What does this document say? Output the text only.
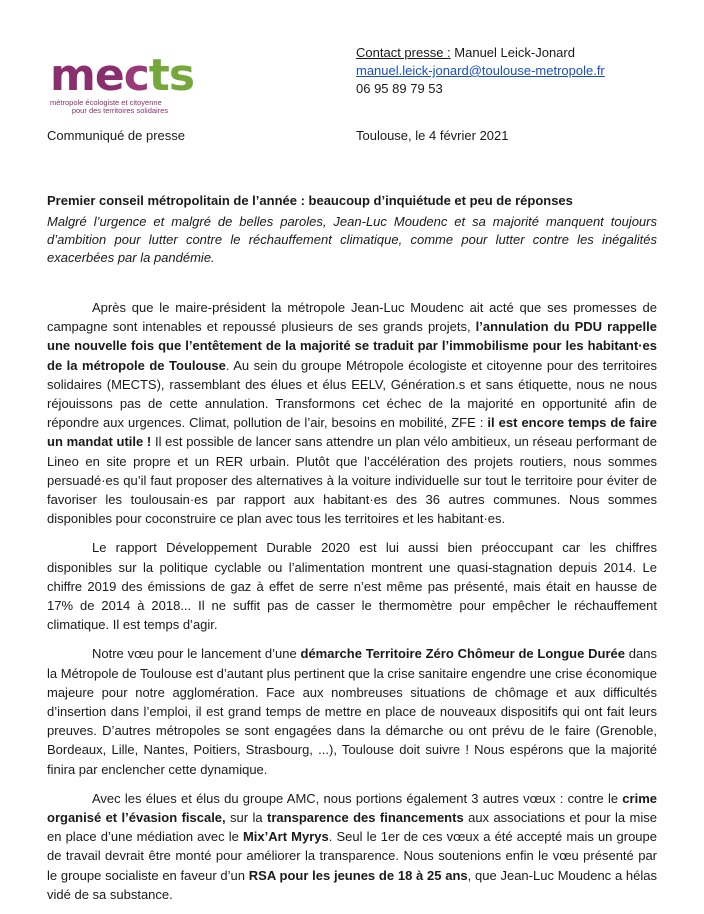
mects
métropole écologiste et citoyenne
pour des territoires solidaires
Contact presse : Manuel Leick-Jonard
manuel.leick-jonard@toulouse-metropole.fr
06 95 89 79 53
Communiqué de presse	Toulouse, le 4 février 2021
Premier conseil métropolitain de l’année : beaucoup d’inquiétude et peu de réponses
Malgré l’urgence et malgré de belles paroles, Jean-Luc Moudenc et sa majorité manquent toujours d’ambition pour lutter contre le réchauffement climatique, comme pour lutter contre les inégalités exacerbées par la pandémie.

Après que le maire-président la métropole Jean-Luc Moudenc ait acté que ses promesses de campagne sont intenables et repoussé plusieurs de ses grands projets, l’annulation du PDU rappelle une nouvelle fois que l’entêtement de la majorité se traduit par l’immobilisme pour les habitant·es de la métropole de Toulouse. Au sein du groupe Métropole écologiste et citoyenne pour des territoires solidaires (MECTS), rassemblant des élues et élus EELV, Génération.s et sans étiquette, nous ne nous réjouissons pas de cette annulation. Transformons cet échec de la majorité en opportunité afin de répondre aux urgences. Climat, pollution de l’air, besoins en mobilité, ZFE : il est encore temps de faire un mandat utile ! Il est possible de lancer sans attendre un plan vélo ambitieux, un réseau performant de Lineo en site propre et un RER urbain. Plutôt que l’accélération des projets routiers, nous sommes persuadé·es qu’il faut proposer des alternatives à la voiture individuelle sur tout le territoire pour éviter de favoriser les toulousain·es par rapport aux habitant·es des 36 autres communes. Nous sommes disponibles pour coconstruire ce plan avec tous les territoires et les habitant·es.

Le rapport Développement Durable 2020 est lui aussi bien préoccupant car les chiffres disponibles sur la politique cyclable ou l’alimentation montrent une quasi-stagnation depuis 2014. Le chiffre 2019 des émissions de gaz à effet de serre n’est même pas présenté, mais était en hausse de 17% de 2014 à 2018... Il ne suffit pas de casser le thermomètre pour empêcher le réchauffement climatique. Il est temps d’agir.

Notre vœu pour le lancement d’une démarche Territoire Zéro Chômeur de Longue Durée dans la Métropole de Toulouse est d’autant plus pertinent que la crise sanitaire engendre une crise économique majeure pour notre agglomération. Face aux nombreuses situations de chômage et aux difficultés d’insertion dans l’emploi, il est grand temps de mettre en place de nouveaux dispositifs qui ont fait leurs preuves. D’autres métropoles se sont engagées dans la démarche ou ont prévu de le faire (Grenoble, Bordeaux, Lille, Nantes, Poitiers, Strasbourg, ...), Toulouse doit suivre ! Nous espérons que la majorité finira par enclencher cette dynamique.

Avec les élues et élus du groupe AMC, nous portions également 3 autres vœux : contre le crime organisé et l’évasion fiscale, sur la transparence des financements aux associations et pour la mise en place d’une médiation avec le Mix’Art Myrys. Seul le 1er de ces vœux a été accepté mais un groupe de travail devrait être monté pour améliorer la transparence. Nous soutenions enfin le vœu présenté par le groupe socialiste en faveur d’un RSA pour les jeunes de 18 à 25 ans, que Jean-Luc Moudenc a hélas vidé de sa substance.
